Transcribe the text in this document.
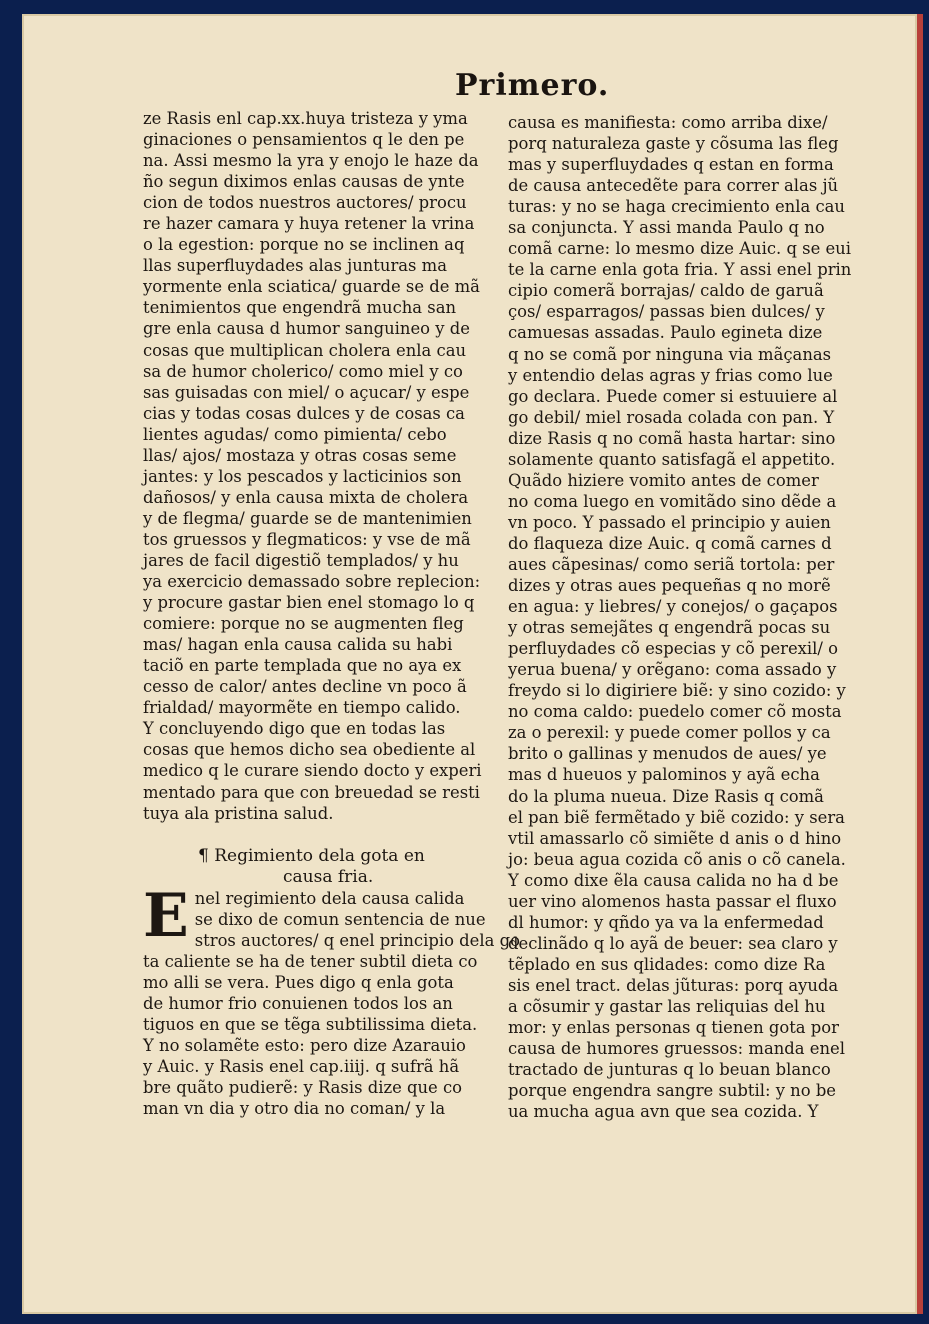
Primero.
ze Rasis enl cap.xx.huya tristeza y yma
ginaciones o pensamientos q le den pe
na. Assi mesmo la yra y enojo le haze da
ño segun diximos enlas causas de ynte
cion de todos nuestros auctores/ procu
re hazer camara y huya retener la vrina
o la egestion: porque no se inclinen aq
llas superfluydades alas junturas ma
yormente enla sciatica/ guarde se de mã
tenimientos que engendrã mucha san
gre enla causa d humor sanguineo y de
cosas que multiplican cholera enla cau
sa de humor cholerico/ como miel y co
sas guisadas con miel/ o açucar/ y espe
cias y todas cosas dulces y de cosas ca
lientes agudas/ como pimienta/ cebo
llas/ ajos/ mostaza y otras cosas seme
jantes: y los pescados y lacticinios son
dañosos/ y enla causa mixta de cholera
y de flegma/ guarde se de mantenimien
tos gruessos y flegmaticos: y vse de mã
jares de facil digestiõ templados/ y hu
ya exercicio demassado sobre replecion:
y procure gastar bien enel stomago lo q
comiere: porque no se augmenten fleg
mas/ hagan enla causa calida su habi
taciõ en parte templada que no aya ex
cesso de calor/ antes decline vn poco ã
frialdad/ mayormẽte en tiempo calido.
Y concluyendo digo que en todas las
cosas que hemos dicho sea obediente al
medico q le curare siendo docto y experi
mentado para que con breuedad se resti
tuya ala pristina salud.
¶ Regimiento dela gota en
causa fria.
E nel regimiento dela causa calida
se dixo de comun sentencia de nue
stros auctores/ q enel principio dela go
ta caliente se ha de tener subtil dieta co
mo alli se vera. Pues digo q enla gota
de humor frio conuienen todos los an
tiguos en que se tẽga subtilissima dieta.
Y no solamẽte esto: pero dize Azarauio
y Auic. y Rasis enel cap.iiij. q sufrã hã
bre quãto pudierẽ: y Rasis dize que co
man vn dia y otro dia no coman/ y la
causa es manifiesta: como arriba dixe/
porq naturaleza gaste y cõsuma las fleg
mas y superfluydades q estan en forma
de causa antecedẽte para correr alas jũ
turas: y no se haga crecimiento enla cau
sa conjuncta. Y assi manda Paulo q no
comã carne: lo mesmo dize Auic. q se eui
te la carne enla gota fria. Y assi enel prin
cipio comerã borrajas/ caldo de garuã
ços/ esparragos/ passas bien dulces/ y
camuesas assadas. Paulo egineta dize
q no se comã por ninguna via mãçanas
y entendio delas agras y frias como lue
go declara. Puede comer si estuuiere al
go debil/ miel rosada colada con pan. Y
dize Rasis q no comã hasta hartar: sino
solamente quanto satisfagã el appetito.
Quãdo hiziere vomito antes de comer
no coma luego en vomitãdo sino dẽde a
vn poco. Y passado el principio y auien
do flaqueza dize Auic. q comã carnes d
aues cãpesinas/ como seriã tortola: per
dizes y otras aues pequeñas q no morẽ
en agua: y liebres/ y conejos/ o gaçapos
y otras semejãtes q engendrã pocas su
perfluydades cõ especias y cõ perexil/ o
yerua buena/ y orẽgano: coma assado y
freydo si lo digiriere biẽ: y sino cozido: y
no coma caldo: puedelo comer cõ mosta
za o perexil: y puede comer pollos y ca
brito o gallinas y menudos de aues/ ye
mas d hueuos y palominos y ayã echa
do la pluma nueua. Dize Rasis q comã
el pan biẽ fermẽtado y biẽ cozido: y sera
vtil amassarlo cõ simiẽte d anis o d hino
jo: beua agua cozida cõ anis o cõ canela.
Y como dixe ẽla causa calida no ha d be
uer vino alomenos hasta passar el fluxo
dl humor: y qñdo ya va la enfermedad
declinãdo q lo ayã de beuer: sea claro y
tẽplado en sus qlidades: como dize Ra
sis enel tract. delas jũturas: porq ayuda
a cõsumir y gastar las reliquias del hu
mor: y enlas personas q tienen gota por
causa de humores gruessos: manda enel
tractado de junturas q lo beuan blanco
porque engendra sangre subtil: y no be
ua mucha agua avn que sea cozida. Y
